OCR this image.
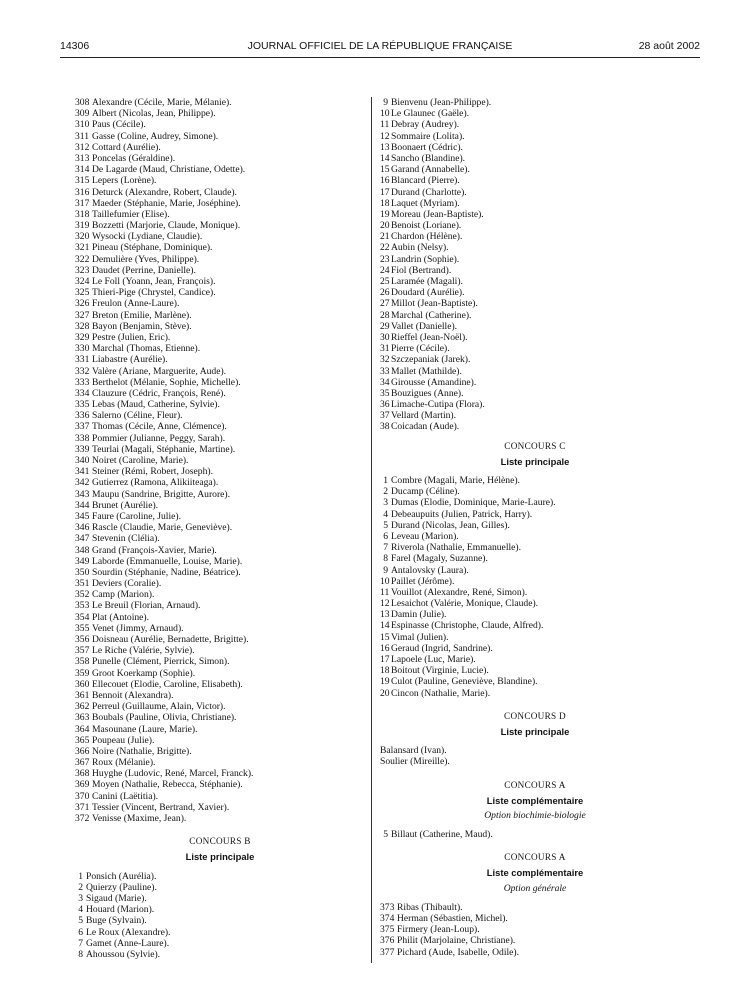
14306	JOURNAL OFFICIEL DE LA RÉPUBLIQUE FRANÇAISE	28 août 2002
308 Alexandre (Cécile, Marie, Mélanie).
309 Albert (Nicolas, Jean, Philippe).
310 Paus (Cécile).
311 Gasse (Coline, Audrey, Simone).
312 Cottard (Aurélie).
313 Poncelas (Géraldine).
314 De Lagarde (Maud, Christiane, Odette).
315 Lepers (Lorène).
316 Deturck (Alexandre, Robert, Claude).
317 Maeder (Stéphanie, Marie, Joséphine).
318 Taillefumier (Elise).
319 Bozzetti (Marjorie, Claude, Monique).
320 Wysocki (Lydiane, Claudie).
321 Pineau (Stéphane, Dominique).
322 Demulière (Yves, Philippe).
323 Daudet (Perrine, Danielle).
324 Le Foll (Yoann, Jean, François).
325 Thieri-Pige (Chrystel, Candice).
326 Freulon (Anne-Laure).
327 Breton (Emilie, Marlène).
328 Bayon (Benjamin, Stève).
329 Pestre (Julien, Eric).
330 Marchal (Thomas, Etienne).
331 Liabastre (Aurélie).
332 Valère (Ariane, Marguerite, Aude).
333 Berthelot (Mélanie, Sophie, Michelle).
334 Clauzure (Cédric, François, René).
335 Lebas (Maud, Catherine, Sylvie).
336 Salerno (Céline, Fleur).
337 Thomas (Cécile, Anne, Clémence).
338 Pommier (Julianne, Peggy, Sarah).
339 Teurlai (Magali, Stéphanie, Martine).
340 Noiret (Caroline, Marie).
341 Steiner (Rémi, Robert, Joseph).
342 Gutierrez (Ramona, Alikiiteaga).
343 Maupu (Sandrine, Brigitte, Aurore).
344 Brunet (Aurélie).
345 Faure (Caroline, Julie).
346 Rascle (Claudie, Marie, Geneviève).
347 Stevenin (Clélia).
348 Grand (François-Xavier, Marie).
349 Laborde (Emmanuelle, Louise, Marie).
350 Sourdin (Stéphanie, Nadine, Béatrice).
351 Deviers (Coralie).
352 Camp (Marion).
353 Le Breuil (Florian, Arnaud).
354 Plat (Antoine).
355 Venet (Jimmy, Arnaud).
356 Doisneau (Aurélie, Bernadette, Brigitte).
357 Le Riche (Valérie, Sylvie).
358 Punelle (Clément, Pierrick, Simon).
359 Groot Koerkamp (Sophie).
360 Ellecouet (Elodie, Caroline, Elisabeth).
361 Bennoit (Alexandra).
362 Perreul (Guillaume, Alain, Victor).
363 Boubals (Pauline, Olivia, Christiane).
364 Masounane (Laure, Marie).
365 Poupeau (Julie).
366 Noire (Nathalie, Brigitte).
367 Roux (Mélanie).
368 Huyghe (Ludovic, René, Marcel, Franck).
369 Moyen (Nathalie, Rebecca, Stéphanie).
370 Canini (Laëtitia).
371 Tessier (Vincent, Bertrand, Xavier).
372 Venisse (Maxime, Jean).
CONCOURS B
Liste principale
1 Ponsich (Aurélia).
2 Quierzy (Pauline).
3 Sigaud (Marie).
4 Houard (Marion).
5 Buge (Sylvain).
6 Le Roux (Alexandre).
7 Gamet (Anne-Laure).
8 Ahoussou (Sylvie).
9 Bienvenu (Jean-Philippe).
10Le Glaunec (Gaële).
11 Debray (Audrey).
12Sommaire (Lolita).
13Boonaert (Cédric).
14Sancho (Blandine).
15Garand (Annabelle).
16Blancard (Pierre).
17Durand (Charlotte).
18Laquet (Myriam).
19Moreau (Jean-Baptiste).
20Benoist (Loriane).
21Chardon (Hélène).
22Aubin (Nelsy).
23Landrin (Sophie).
24Fiol (Bertrand).
25Laramée (Magali).
26Doudard (Aurélie).
27Millot (Jean-Baptiste).
28Marchal (Catherine).
29Vallet (Danielle).
30Rieffel (Jean-Noël).
31Pierre (Cécile).
32Szczepaniak (Jarek).
33Mallet (Mathilde).
34Girousse (Amandine).
35Bouzigues (Anne).
36Limache-Cutipa (Flora).
37Vellard (Martin).
38Coicadan (Aude).
CONCOURS C
Liste principale
1 Combre (Magali, Marie, Hélène).
2 Ducamp (Céline).
3 Dumas (Elodie, Dominique, Marie-Laure).
4 Debeaupuits (Julien, Patrick, Harry).
5 Durand (Nicolas, Jean, Gilles).
6 Leveau (Marion).
7 Riverola (Nathalie, Emmanuelle).
8 Farel (Magaly, Suzanne).
9 Antalovsky (Laura).
10Paillet (Jérôme).
11 Vouillot (Alexandre, René, Simon).
12Lesaichot (Valérie, Monique, Claude).
13Damin (Julie).
14Espinasse (Christophe, Claude, Alfred).
15Vimal (Julien).
16Geraud (Ingrid, Sandrine).
17Lapoele (Luc, Marie).
18Boitout (Virginie, Lucie).
19Culot (Pauline, Geneviève, Blandine).
20Cincon (Nathalie, Marie).
CONCOURS D
Liste principale
Balansard (Ivan).
Soulier (Mireille).
CONCOURS A
Liste complémentaire
Option biochimie-biologie
5 Billaut (Catherine, Maud).
CONCOURS A
Liste complémentaire
Option générale
373 Ribas (Thibault).
374 Herman (Sébastien, Michel).
375 Firmery (Jean-Loup).
376 Philit (Marjolaine, Christiane).
377 Pichard (Aude, Isabelle, Odile).
